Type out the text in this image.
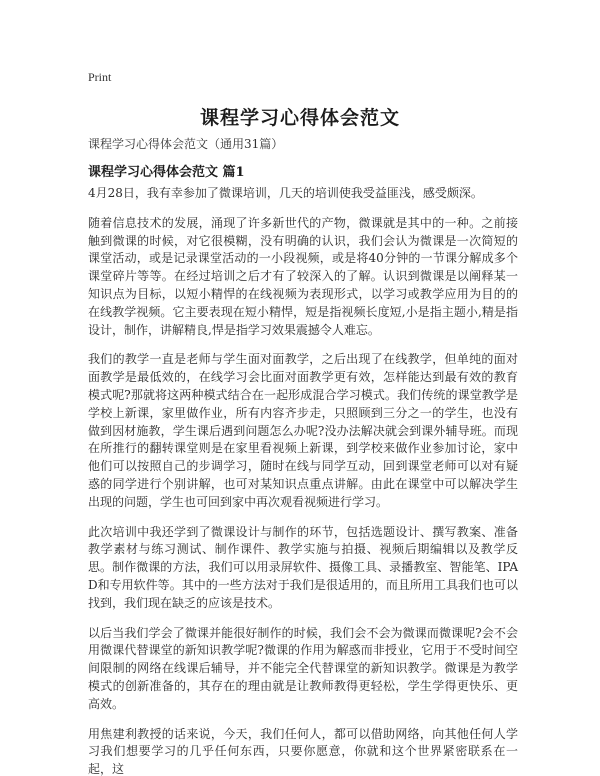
Print
课程学习心得体会范文
课程学习心得体会范文（通用31篇）
课程学习心得体会范文 篇1

4月28日，我有幸参加了微课培训，几天的培训使我受益匪浅，感受颇深。

随着信息技术的发展，涌现了许多新世代的产物，微课就是其中的一种。之前接触到微课的时候，对它很模糊，没有明确的认识，我们会认为微课是一次简短的课堂活动，或是记录课堂活动的一小段视频，或是将40分钟的一节课分解成多个课堂碎片等等。在经过培训之后才有了较深入的了解。认识到微课是以阐释某一知识点为目标，以短小精悍的在线视频为表现形式，以学习或教学应用为目的的在线教学视频。它主要表现在短小精悍，短是指视频长度短,小是指主题小,精是指设计，制作，讲解精良,悍是指学习效果震撼令人难忘。

我们的教学一直是老师与学生面对面教学，之后出现了在线教学，但单纯的面对面教学是最低效的，在线学习会比面对面教学更有效，怎样能达到最有效的教育模式呢?那就将这两种模式结合在一起形成混合学习模式。我们传统的课堂教学是学校上新课，家里做作业，所有内容齐步走，只照顾到三分之一的学生，也没有做到因材施教，学生课后遇到问题怎么办呢?没办法解决就会到课外辅导班。而现在所推行的翻转课堂则是在家里看视频上新课，到学校来做作业参加讨论，家中他们可以按照自己的步调学习，随时在线与同学互动，回到课堂老师可以对有疑惑的同学进行个别讲解，也可对某知识点重点讲解。由此在课堂中可以解决学生出现的问题，学生也可回到家中再次观看视频进行学习。

此次培训中我还学到了微课设计与制作的环节，包括选题设计、撰写教案、准备教学素材与练习测试、制作课件、教学实施与拍摄、视频后期编辑以及教学反思。制作微课的方法，我们可以用录屏软件、摄像工具、录播教室、智能笔、IPAD和专用软件等。其中的一些方法对于我们是很适用的，而且所用工具我们也可以找到，我们现在缺乏的应该是技术。

以后当我们学会了微课并能很好制作的时候，我们会不会为微课而微课呢?会不会用微课代替课堂的新知识教学呢?微课的作用为解惑而非授业，它用于不受时间空间限制的网络在线课后辅导，并不能完全代替课堂的新知识教学。微课是为教学模式的创新准备的，其存在的理由就是让教师教得更轻松，学生学得更快乐、更高效。

用焦建利教授的话来说，今天，我们任何人，都可以借助网络，向其他任何人学习我们想要学习的几乎任何东西，只要你愿意，你就和这个世界紧密联系在一起，这
